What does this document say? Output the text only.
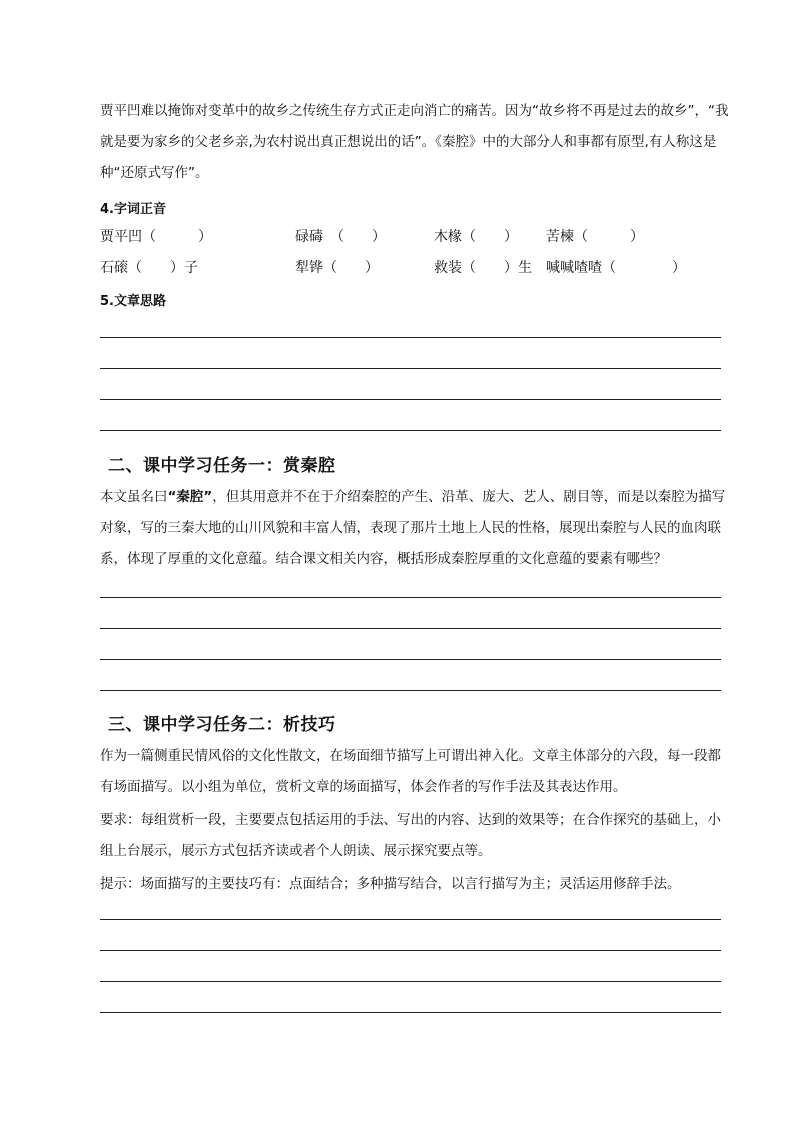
贾平凹难以掩饰对变革中的故乡之传统生存方式正走向消亡的痛苦。因为“故乡将不再是过去的故乡”，“我就是要为家乡的父老乡亲,为农村说出真正想说出的话”。《秦腔》中的大部分人和事都有原型,有人称这是种“还原式写作”。

4.字词正音
贾平凹（　　　）	碌碡　（　　）	木椽（　　） 苦楝（　　　）
石磙（　　）子	犁铧（　　）	救装（　　）生 喊喊喳喳（　　　　）
5.文章思路
二、课中学习任务一：赏秦腔

本文虽名曰“秦腔”，但其用意并不在于介绍秦腔的产生、沿革、庞大、艺人、剧目等，而是以秦腔为描写对象，写的三秦大地的山川风貌和丰富人情，表现了那片土地上人民的性格，展现出秦腔与人民的血肉联系，体现了厚重的文化意蕴。结合课文相关内容，概括形成秦腔厚重的文化意蕴的要素有哪些？

三、课中学习任务二：析技巧

作为一篇侧重民情风俗的文化性散文，在场面细节描写上可谓出神入化。文章主体部分的六段，每一段都有场面描写。以小组为单位，赏析文章的场面描写，体会作者的写作手法及其表达作用。

要求：每组赏析一段，主要要点包括运用的手法、写出的内容、达到的效果等；在合作探究的基础上，小组上台展示，展示方式包括齐读或者个人朗读、展示探究要点等。

提示：场面描写的主要技巧有：点面结合；多种描写结合，以言行描写为主；灵活运用修辞手法。
